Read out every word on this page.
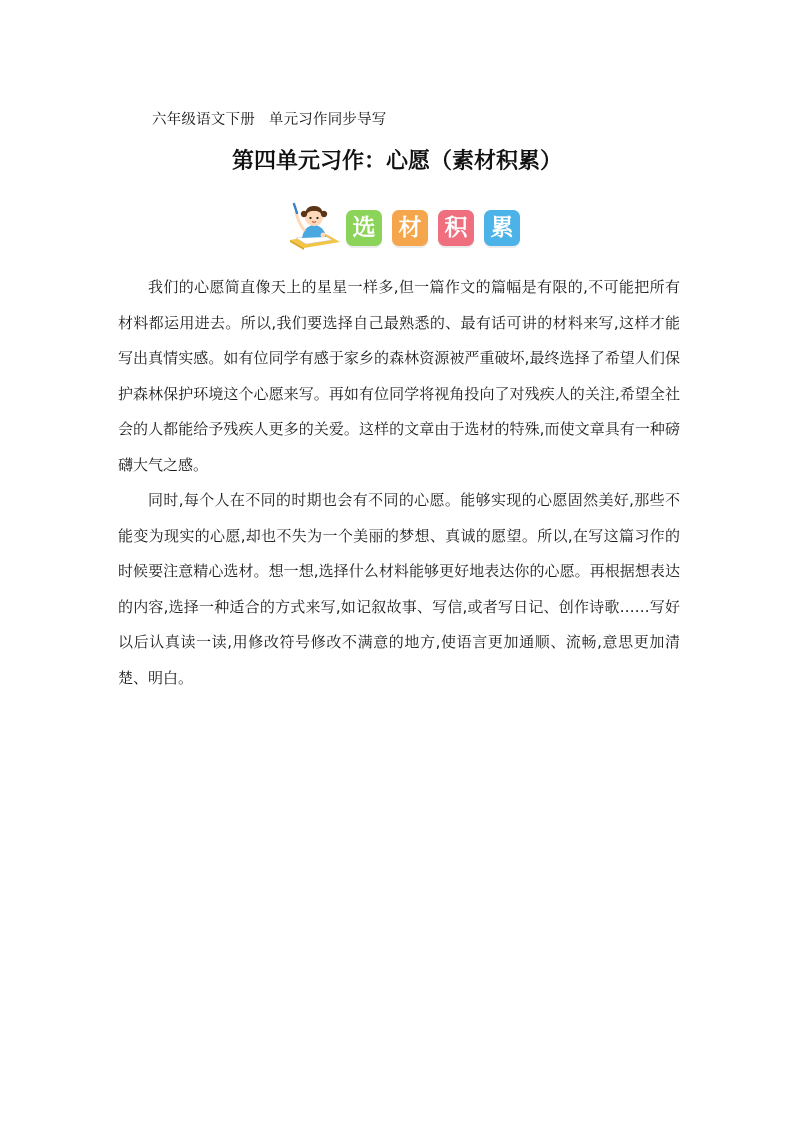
六年级语文下册 单元习作同步导写
第四单元习作：心愿（素材积累）
选 材 积 累

我们的心愿简直像天上的星星一样多,但一篇作文的篇幅是有限的,不可能把所有材料都运用进去。所以,我们要选择自己最熟悉的、最有话可讲的材料来写,这样才能写出真情实感。如有位同学有感于家乡的森林资源被严重破坏,最终选择了希望人们保护森林保护环境这个心愿来写。再如有位同学将视角投向了对残疾人的关注,希望全社会的人都能给予残疾人更多的关爱。这样的文章由于选材的特殊,而使文章具有一种磅礴大气之感。

同时,每个人在不同的时期也会有不同的心愿。能够实现的心愿固然美好,那些不能变为现实的心愿,却也不失为一个美丽的梦想、真诚的愿望。所以,在写这篇习作的时候要注意精心选材。想一想,选择什么材料能够更好地表达你的心愿。再根据想表达的内容,选择一种适合的方式来写,如记叙故事、写信,或者写日记、创作诗歌……写好以后认真读一读,用修改符号修改不满意的地方,使语言更加通顺、流畅,意思更加清楚、明白。
